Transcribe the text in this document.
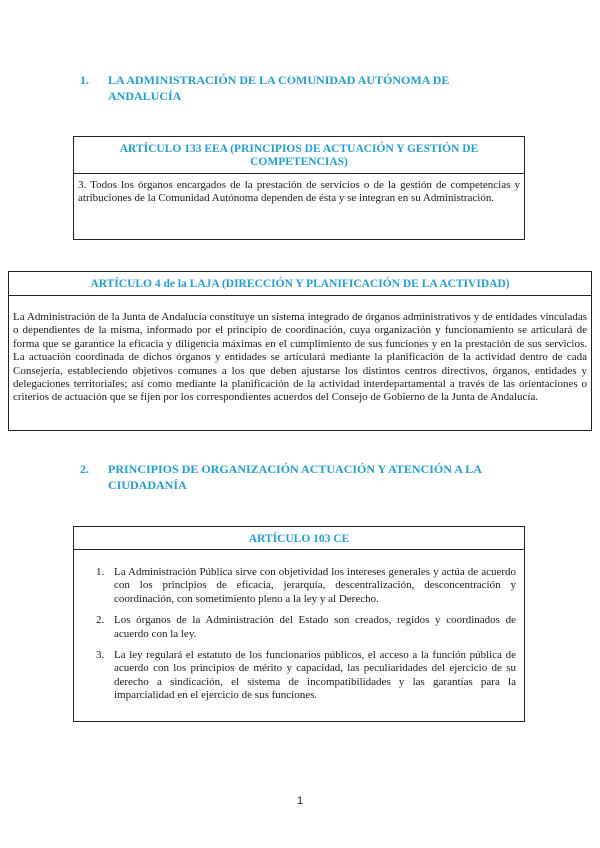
1. LA ADMINISTRACIÓN DE LA COMUNIDAD AUTÓNOMA DE ANDALUCÍA
ARTÍCULO 133 EEA (PRINCIPIOS DE ACTUACIÓN Y GESTIÓN DE COMPETENCIAS)
3. Todos los órganos encargados de la prestación de servicios o de la gestión de competencias y atribuciones de la Comunidad Autónoma dependen de ésta y se integran en su Administración.
ARTÍCULO 4 de la LAJA (DIRECCIÓN Y PLANIFICACIÓN DE LA ACTIVIDAD)
La Administración de la Junta de Andalucía constituye un sistema integrado de órganos administrativos y de entidades vinculadas o dependientes de la misma, informado por el principio de coordinación, cuya organización y funcionamiento se articulará de forma que se garantice la eficacia y diligencia máximas en el cumplimiento de sus funciones y en la prestación de sus servicios. La actuación coordinada de dichos órganos y entidades se articulará mediante la planificación de la actividad dentro de cada Consejería, estableciendo objetivos comunes a los que deben ajustarse los distintos centros directivos, órganos, entidades y delegaciones territoriales; así como mediante la planificación de la actividad interdepartamental a través de las orientaciones o criterios de actuación que se fijen por los correspondientes acuerdos del Consejo de Gobierno de la Junta de Andalucía.
2. PRINCIPIOS DE ORGANIZACIÓN ACTUACIÓN Y ATENCIÓN A LA CIUDADANÍA
ARTÍCULO 103 CE
1. La Administración Pública sirve con objetividad los intereses generales y actúa de acuerdo con los principios de eficacia, jerarquía, descentralización, desconcentración y coordinación, con sometimiento pleno a la ley y al Derecho.
2. Los órganos de la Administración del Estado son creados, regidos y coordinados de acuerdo con la ley.
3. La ley regulará el estatuto de los funcionarios públicos, el acceso a la función pública de acuerdo con los principios de mérito y capacidad, las peculiaridades del ejercicio de su derecho a sindicación, el sistema de incompatibilidades y las garantías para la imparcialidad en el ejercicio de sus funciones.
1
